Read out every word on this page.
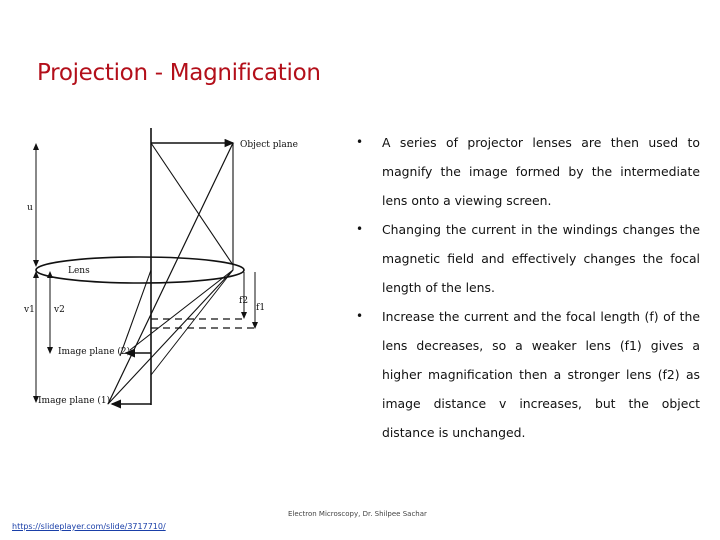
Projection - Magnification
Object plane
Lens
u
v1 v2	f1
f2
Image plane (2)
Image plane (1)
• A series of projector lenses are then used to magnify the image formed by the intermediate lens onto a viewing screen.
• Changing the current in the windings changes the magnetic field and effectively changes the focal length of the lens.
• Increase the current and the focal length (f) of the lens decreases, so a weaker lens (f1) gives a higher magnification then a stronger lens (f2) as image distance v increases, but the object distance is unchanged.
Electron Microscopy, Dr. Shilpee Sachar
https://slideplayer.com/slide/3717710/
